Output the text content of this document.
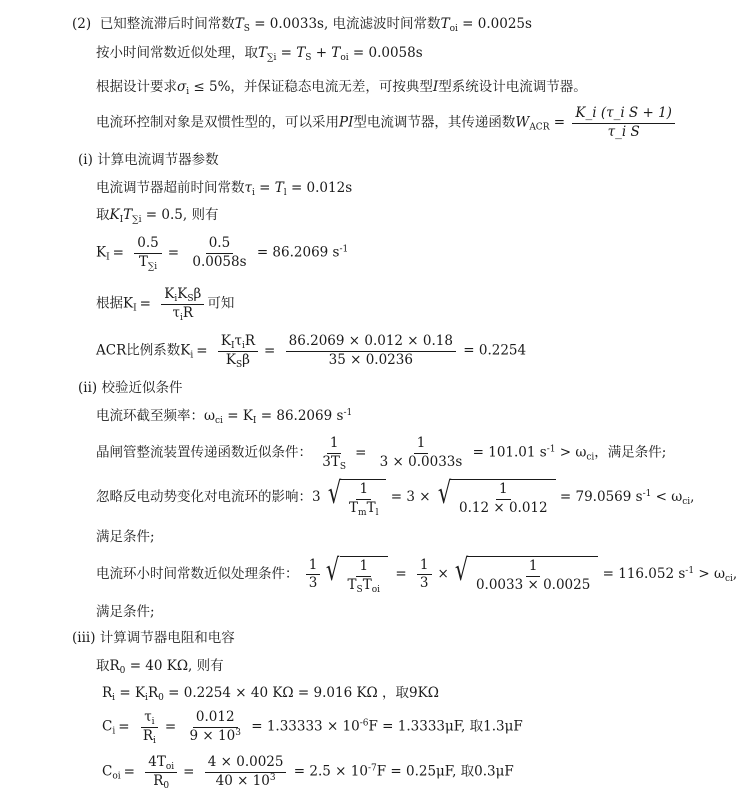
(2) 已知整流滞后时间常数$T_S = 0.0033s$, 电流滤波时间常数$T_{oi} = 0.0025s$
按小时间常数近似处理，取$T_{\sum i} = T_S + T_{oi} = 0.0058s$
根据设计要求$\sigma_i \le 5\%$，并保证稳态电流无差，可按典型I型系统设计电流调节器。
电流环控制对象是双惯性型的，可以采用PI型电流调节器，其传递函数$W_{ACR} = \frac{\text{K\_i (τ\_i S + 1)}}{\text{τ\_i S}}$
(i) 计算电流调节器参数
电流调节器超前时间常数$\tau_i = T_l = 0.012s$
取$K_IT_{\sum i} = 0.5$, 则有
$K_I = \frac{0.5}{T_{\sum i}} = \frac{0.5}{0.0058s} = 86.2069$ $s^{-1}$
根据$K_I = \frac{K_iK_S\beta}{\tau_iR}$ 可知
ACR比例系数$K_i = \frac{K_I\tau_iR}{K_S\beta} = \frac{86.2069 \times 0.012 \times 0.18}{35 \times 0.0236} = 0.2254$
(ii) 校验近似条件
电流环截至频率：$\omega_{ci} = K_I = 86.2069$ $s^{-1}$
晶闸管整流装置传递函数近似条件： $\frac{1}{3T_S} = \frac{1}{3 \times 0.0033s} = 101.01$ $s^{-1} > \omega_{ci}$，满足条件;
忽略反电动势变化对电流环的影响：3 √ $\frac{1}{T_mT_l} = 3$ × √ $\frac{1}{0.12 \times 0.012} = 79.0569$ $s^{-1} < \omega_{ci}$,
满足条件;
电流环小时间常数近似处理条件： $\frac{1}{3}$ √ $\frac{1}{T_ST_{oi}} = \frac{1}{3}$ × √ $\frac{1}{0.0033 \times 0.0025} = 116.052$ $s^{-1} > \omega_{ci}$,
满足条件;
(iii) 计算调节器电阻和电容
取$R_0 = 40$ KΩ, 则有
$R_i = K_iR_0 = 0.2254 \times 40$ KΩ = 9.016 KΩ ，取9KΩ
$C_i = \frac{\tau_i}{R_i} = \frac{0.012}{9 \times 10^3} = 1.33333 \times 10^{-6}F = 1.3333\mu F$, 取1.3μF
$C_{oi} = \frac{4T_{oi}}{R_0} = \frac{4 \times 0.0025}{40 \times 10^3} = 2.5 \times 10^{-7}F = 0.25\mu F$, 取0.3μF
